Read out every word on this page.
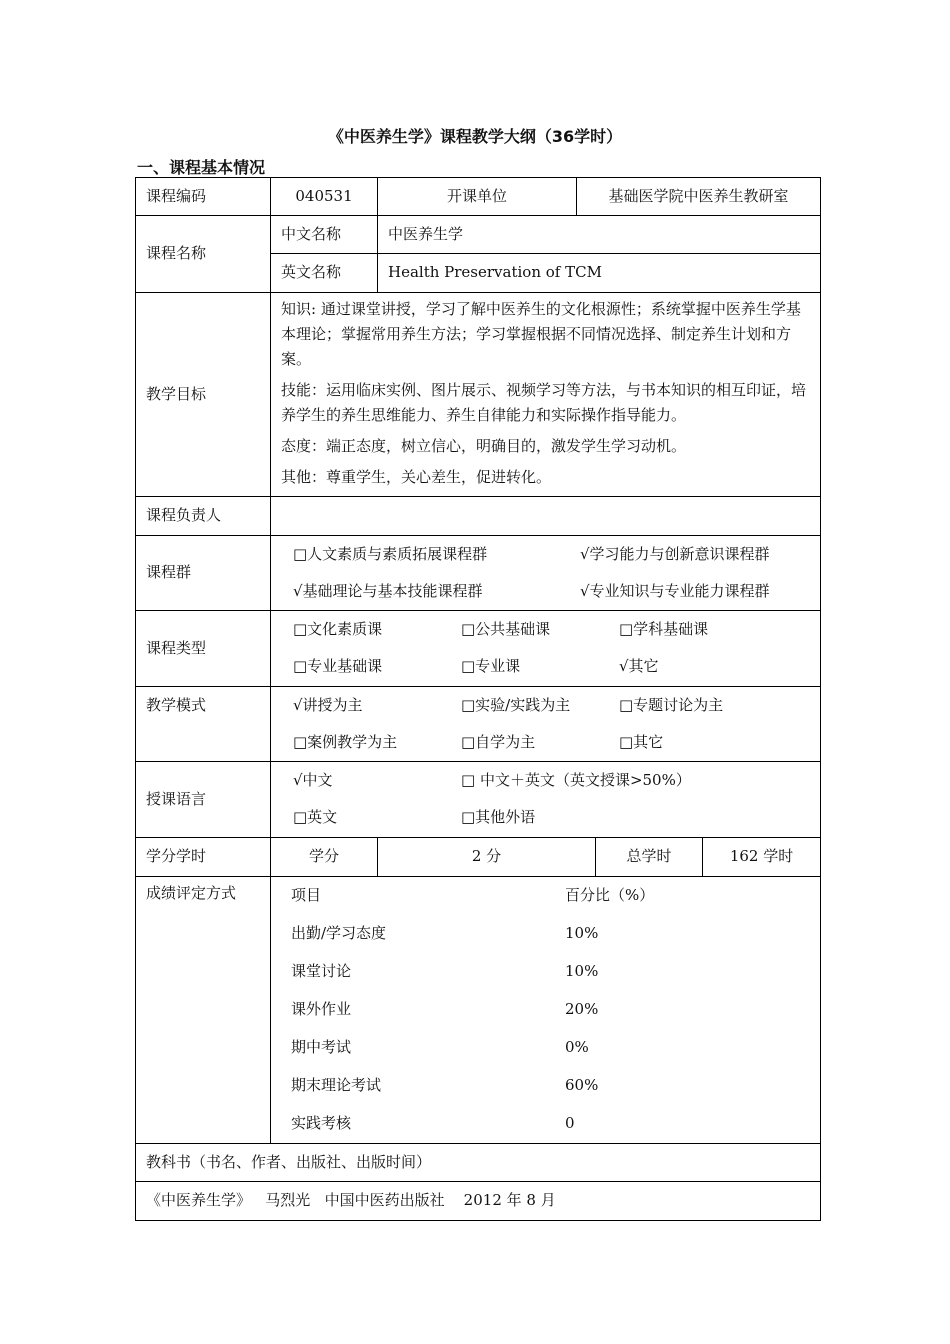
《中医养生学》课程教学大纲（36学时）
一、课程基本情况
课程编码	040531	开课单位	基础医学院中医养生教研室
课程名称	中文名称	中医养生学
英文名称	Health Preservation of TCM
教学目标	

知识: 通过课堂讲授，学习了解中医养生的文化根源性；系统掌握中医养生学基本理论；掌握常用养生方法；学习掌握根据不同情况选择、制定养生计划和方案。

技能：运用临床实例、图片展示、视频学习等方法，与书本知识的相互印证，培养学生的养生思维能力、养生自律能力和实际操作指导能力。

态度：端正态度，树立信心，明确目的，激发学生学习动机。

其他：尊重学生，关心差生，促进转化。

课程负责人	
课程群	
□人文素质与素质拓展课程群	√学习能力与创新意识课程群
√基础理论与基本技能课程群	√专业知识与专业能力课程群

课程类型	
□文化素质课	□公共基础课	□学科基础课
□专业基础课	□专业课	√其它

教学模式		√讲授为主	□实验/实践为主	□专题讨论为主
□案例教学为主	□自学为主	□其它

授课语言	
√中文	□ 中文＋英文（英文授课>50%）
□英文	□其他外语

学分学时	学分	2 分	总学时	162 学时
成绩评定方式		项目	百分比（%）
出勤/学习态度	10%
课堂讨论	10%
课外作业	20%
期中考试	0%
期末理论考试	60%
实践考核	0

教科书（书名、作者、出版社、出版时间）
《中医养生学》   马烈光   中国中医药出版社    2012 年 8 月
